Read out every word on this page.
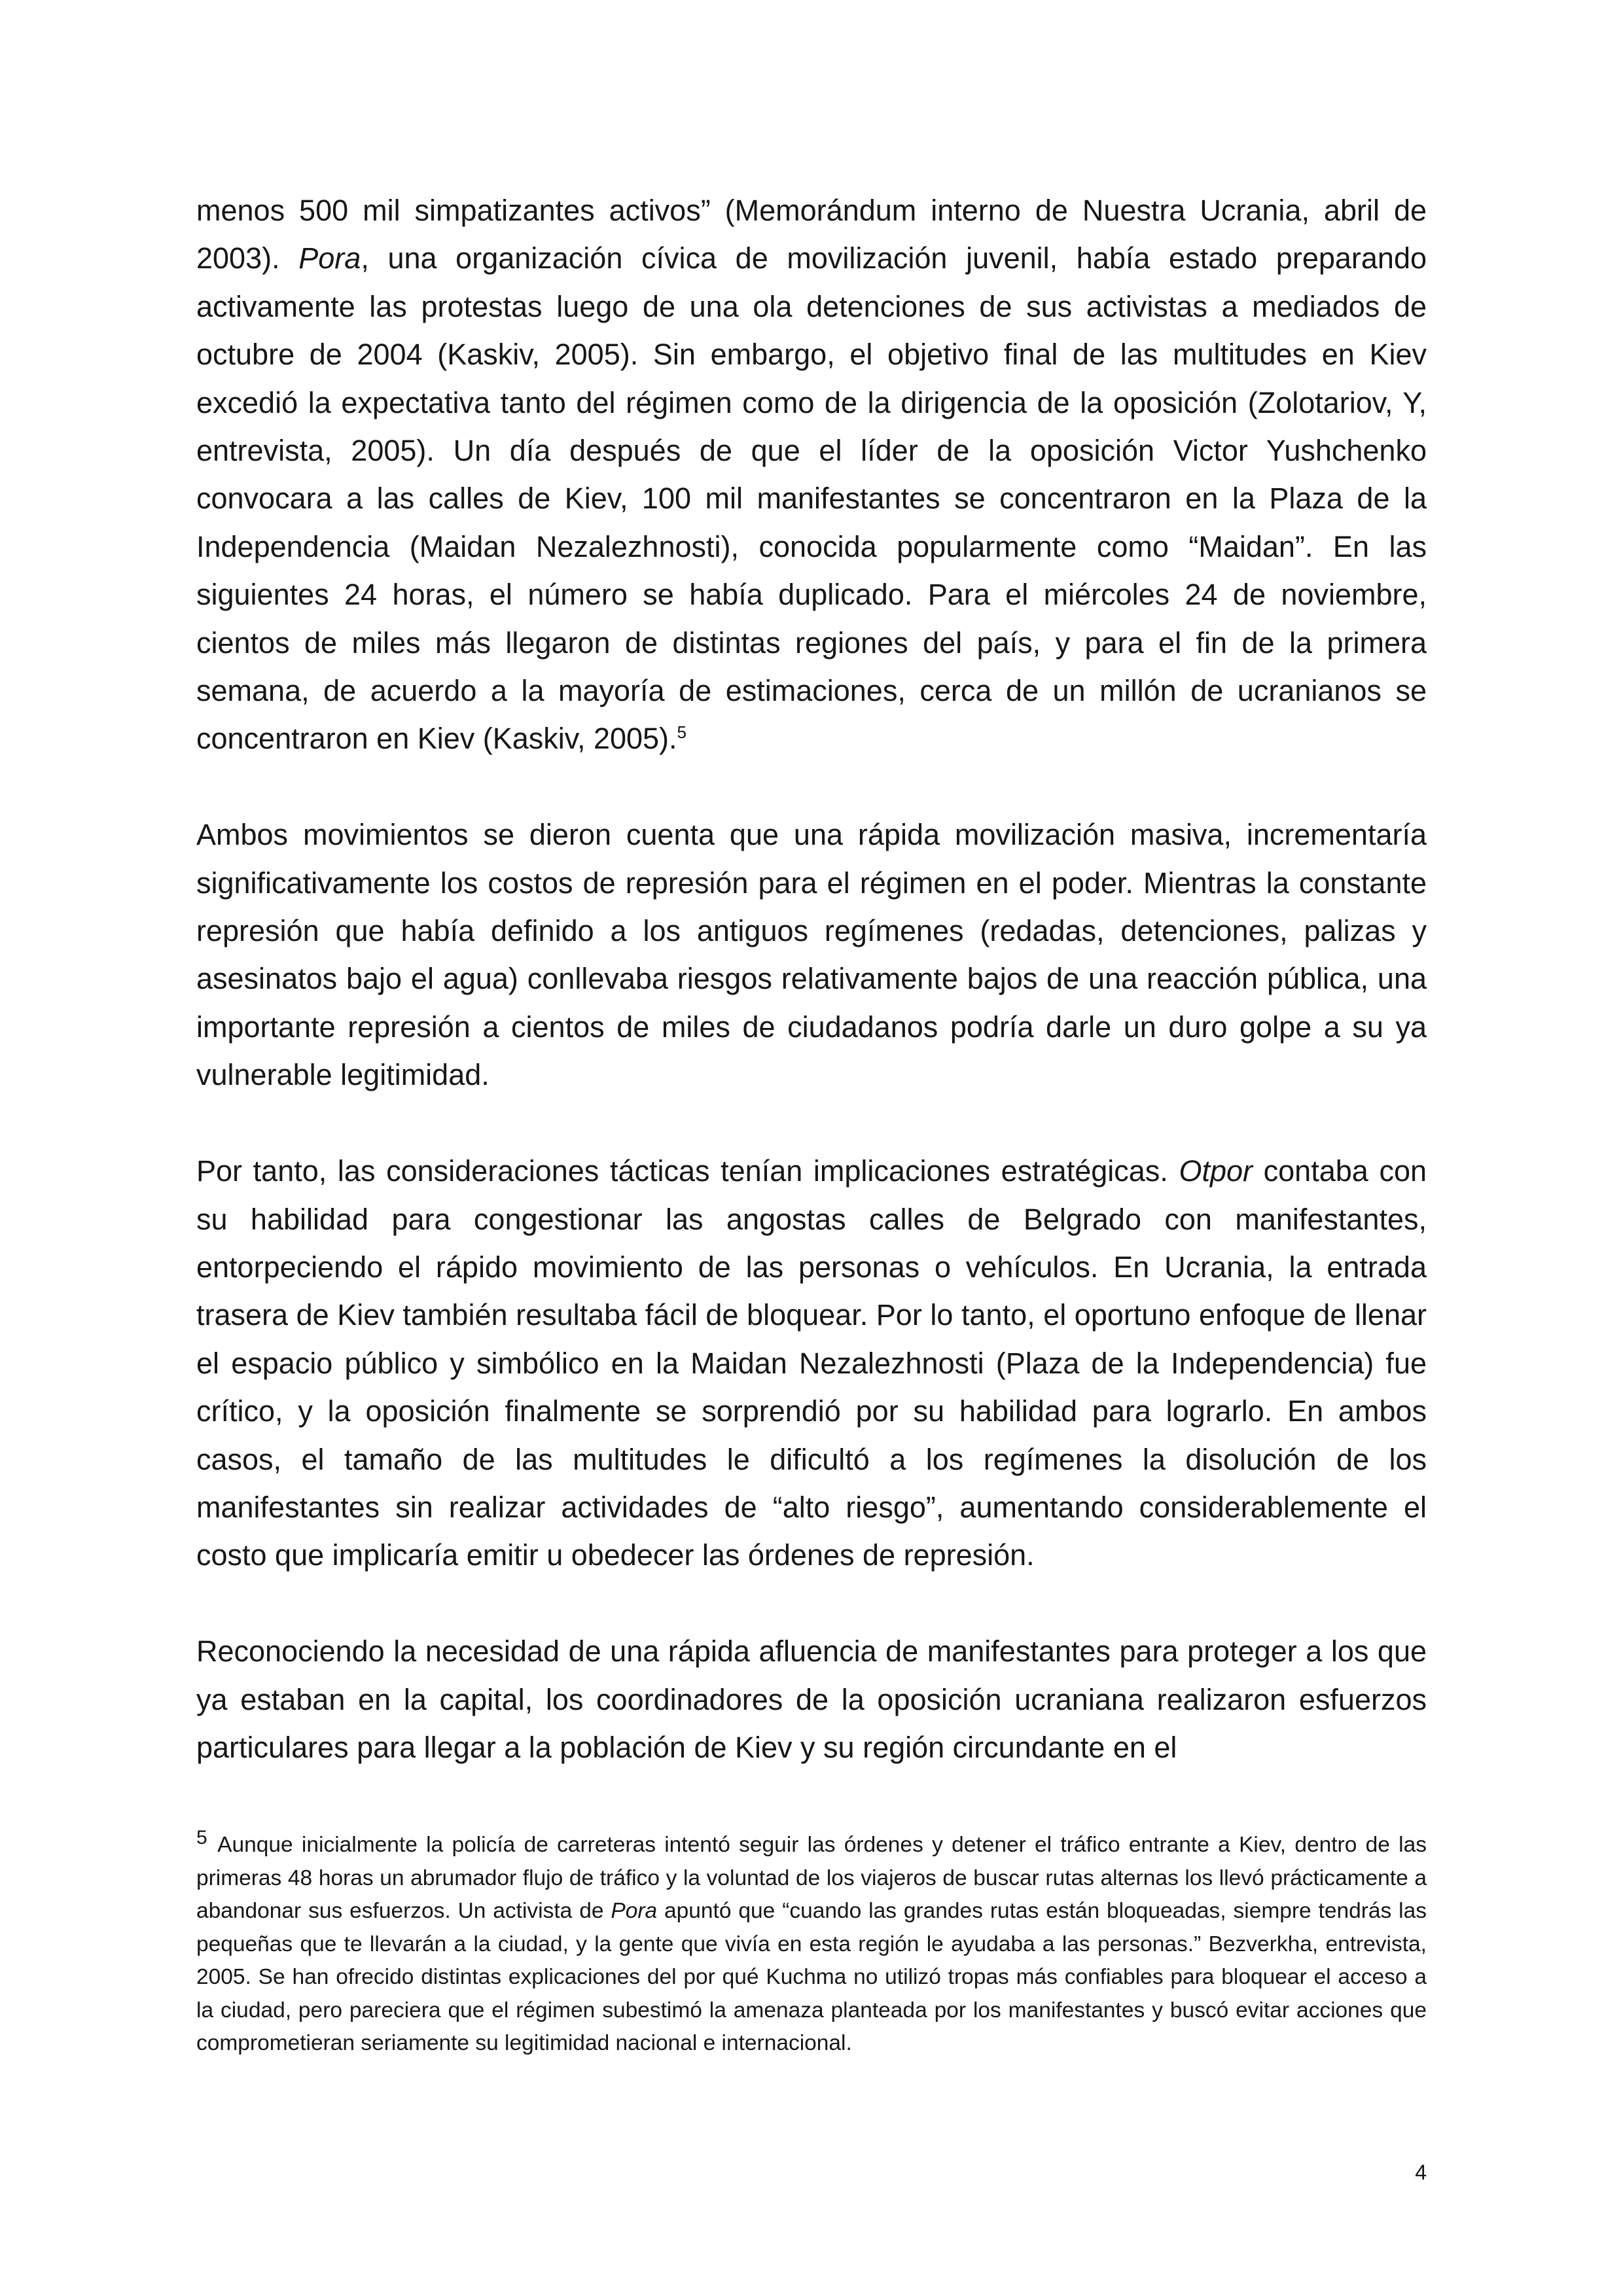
menos 500 mil simpatizantes activos” (Memorándum interno de Nuestra Ucrania, abril de 2003). Pora, una organización cívica de movilización juvenil, había estado preparando activamente las protestas luego de una ola detenciones de sus activistas a mediados de octubre de 2004 (Kaskiv, 2005). Sin embargo, el objetivo final de las multitudes en Kiev excedió la expectativa tanto del régimen como de la dirigencia de la oposición (Zolotariov, Y, entrevista, 2005). Un día después de que el líder de la oposición Victor Yushchenko convocara a las calles de Kiev, 100 mil manifestantes se concentraron en la Plaza de la Independencia (Maidan Nezalezhnosti), conocida popularmente como “Maidan”. En las siguientes 24 horas, el número se había duplicado. Para el miércoles 24 de noviembre, cientos de miles más llegaron de distintas regiones del país, y para el fin de la primera semana, de acuerdo a la mayoría de estimaciones, cerca de un millón de ucranianos se concentraron en Kiev (Kaskiv, 2005).$^5$

Ambos movimientos se dieron cuenta que una rápida movilización masiva, incrementaría significativamente los costos de represión para el régimen en el poder. Mientras la constante represión que había definido a los antiguos regímenes (redadas, detenciones, palizas y asesinatos bajo el agua) conllevaba riesgos relativamente bajos de una reacción pública, una importante represión a cientos de miles de ciudadanos podría darle un duro golpe a su ya vulnerable legitimidad.

Por tanto, las consideraciones tácticas tenían implicaciones estratégicas. Otpor contaba con su habilidad para congestionar las angostas calles de Belgrado con manifestantes, entorpeciendo el rápido movimiento de las personas o vehículos. En Ucrania, la entrada trasera de Kiev también resultaba fácil de bloquear. Por lo tanto, el oportuno enfoque de llenar el espacio público y simbólico en la Maidan Nezalezhnosti (Plaza de la Independencia) fue crítico, y la oposición finalmente se sorprendió por su habilidad para lograrlo. En ambos casos, el tamaño de las multitudes le dificultó a los regímenes la disolución de los manifestantes sin realizar actividades de “alto riesgo”, aumentando considerablemente el costo que implicaría emitir u obedecer las órdenes de represión.

Reconociendo la necesidad de una rápida afluencia de manifestantes para proteger a los que ya estaban en la capital, los coordinadores de la oposición ucraniana realizaron esfuerzos particulares para llegar a la población de Kiev y su región circundante en el

5 Aunque inicialmente la policía de carreteras intentó seguir las órdenes y detener el tráfico entrante a Kiev, dentro de las primeras 48 horas un abrumador flujo de tráfico y la voluntad de los viajeros de buscar rutas alternas los llevó prácticamente a abandonar sus esfuerzos. Un activista de Pora apuntó que “cuando las grandes rutas están bloqueadas, siempre tendrás las pequeñas que te llevarán a la ciudad, y la gente que vivía en esta región le ayudaba a las personas.” Bezverkha, entrevista, 2005. Se han ofrecido distintas explicaciones del por qué Kuchma no utilizó tropas más confiables para bloquear el acceso a la ciudad, pero pareciera que el régimen subestimó la amenaza planteada por los manifestantes y buscó evitar acciones que comprometieran seriamente su legitimidad nacional e internacional.

4
